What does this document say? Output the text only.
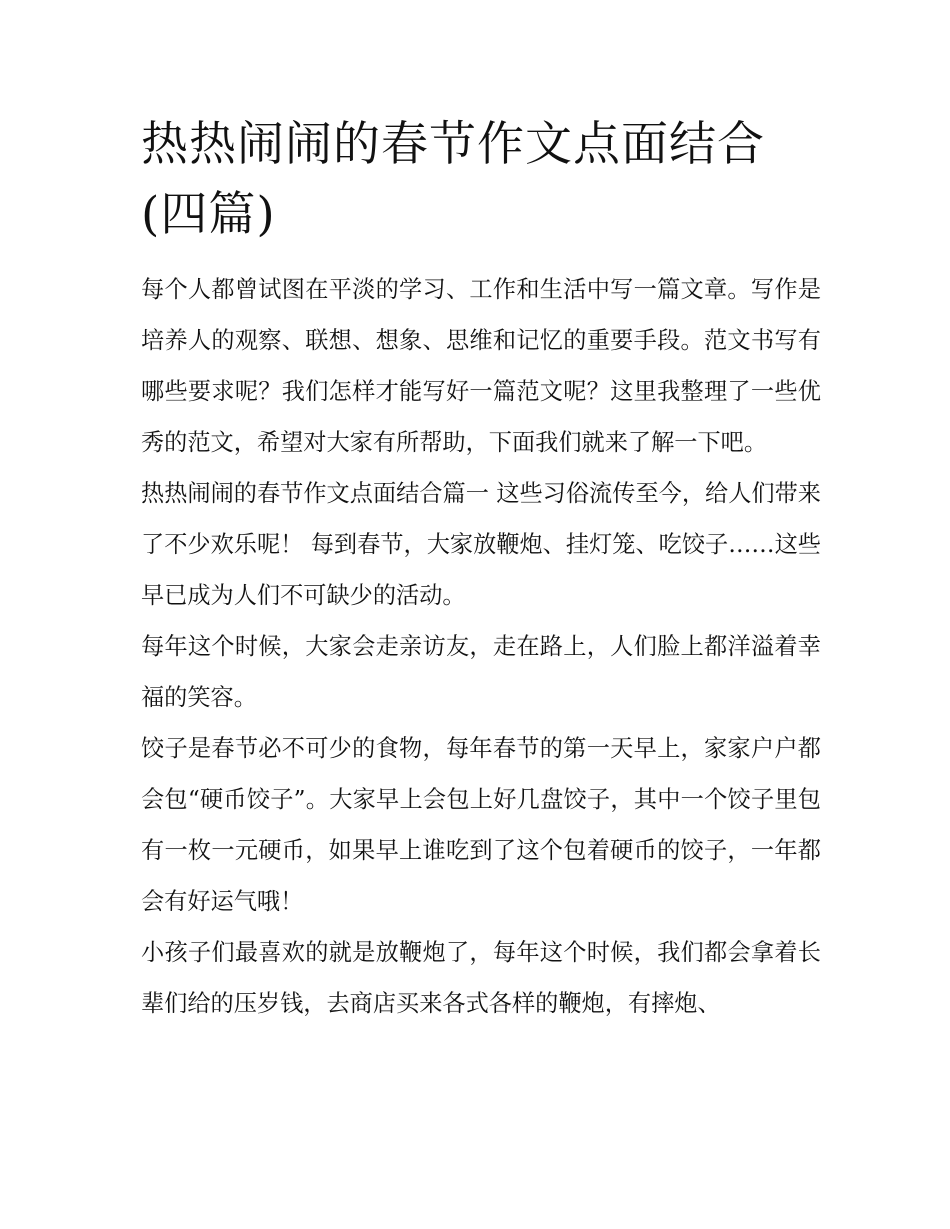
热热闹闹的春节作文点面结合(四篇)

每个人都曾试图在平淡的学习、工作和生活中写一篇文章。写作是培养人的观察、联想、想象、思维和记忆的重要手段。范文书写有哪些要求呢？我们怎样才能写好一篇范文呢？这里我整理了一些优秀的范文，希望对大家有所帮助，下面我们就来了解一下吧。

热热闹闹的春节作文点面结合篇一 这些习俗流传至今，给人们带来了不少欢乐呢！ 每到春节，大家放鞭炮、挂灯笼、吃饺子……这些早已成为人们不可缺少的活动。

每年这个时候，大家会走亲访友，走在路上，人们脸上都洋溢着幸福的笑容。

饺子是春节必不可少的食物，每年春节的第一天早上，家家户户都会包“硬币饺子”。大家早上会包上好几盘饺子，其中一个饺子里包有一枚一元硬币，如果早上谁吃到了这个包着硬币的饺子，一年都会有好运气哦！

小孩子们最喜欢的就是放鞭炮了，每年这个时候，我们都会拿着长辈们给的压岁钱，去商店买来各式各样的鞭炮，有摔炮、
